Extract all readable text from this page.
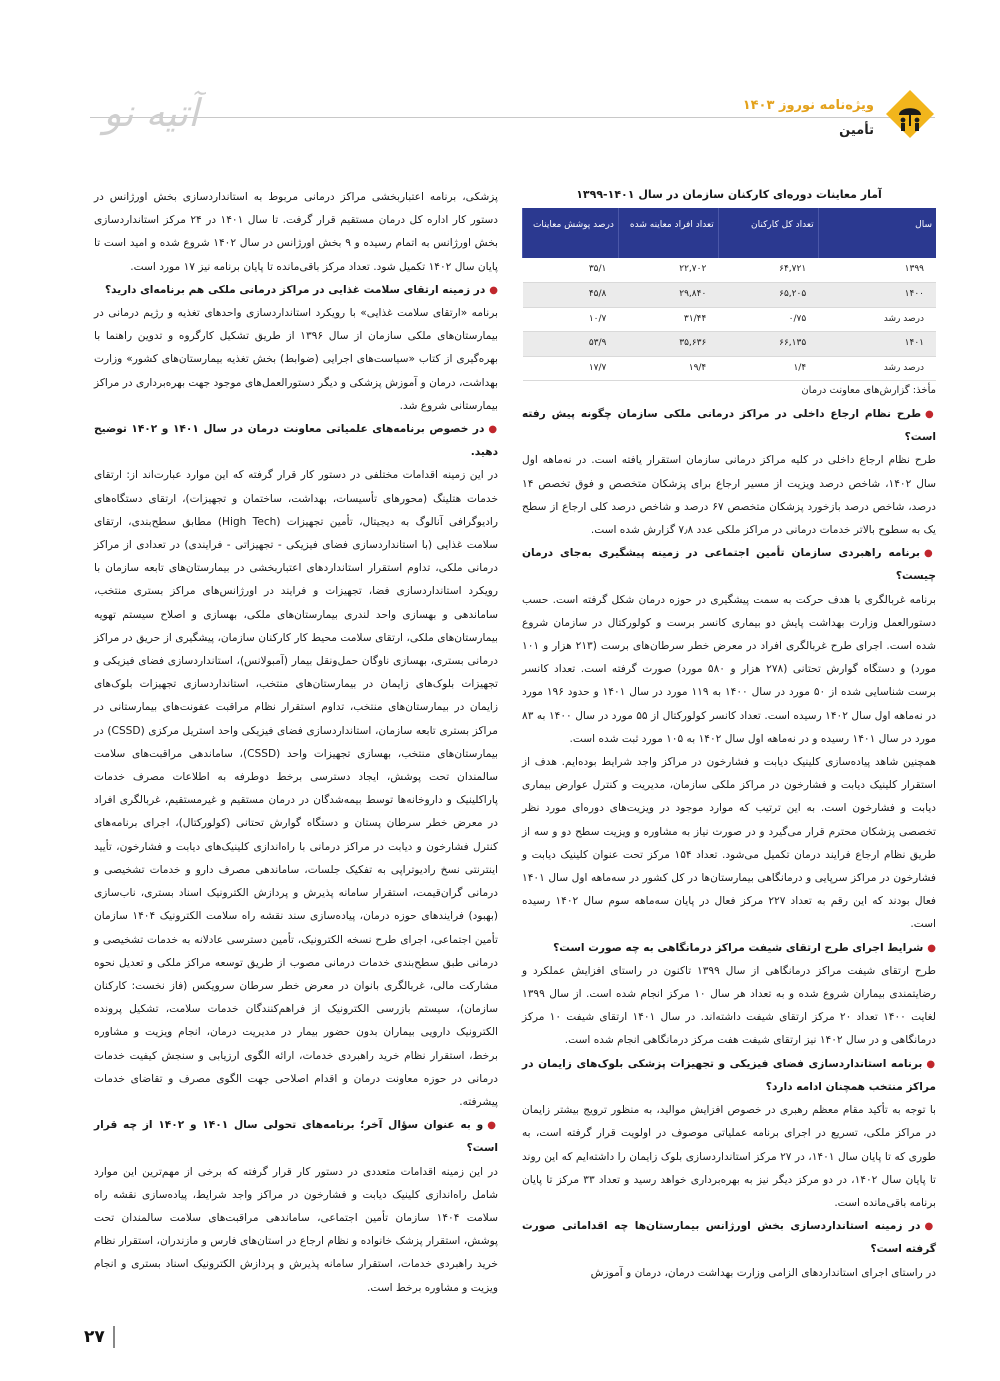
ویژه‌نامه نوروز ۱۴۰۳
تأمین
آتیه نو
آمار معاینات دوره‌ای کارکنان سازمان در سال ۱۴۰۱-۱۳۹۹
سال	تعداد کل کارکنان	تعداد افراد معاینه شده	درصد پوشش معاینات
۱۳۹۹	۶۴,۷۲۱	۲۲,۷۰۲	۳۵/۱
۱۴۰۰	۶۵,۲۰۵	۲۹,۸۴۰	۴۵/۸
درصد رشد	۰/۷۵	۳۱/۴۴	۱۰/۷
۱۴۰۱	۶۶,۱۳۵	۳۵,۶۳۶	۵۳/۹
درصد رشد	۱/۴	۱۹/۴	۱۷/۷
مأخذ: گزارش‌های معاونت درمان

●طرح نظام ارجاع داخلی در مراکز درمانی ملکی سازمان چگونه پیش رفته است؟

طرح نظام ارجاع داخلی در کلیه مراکز درمانی سازمان استقرار یافته است. در نه‌ماهه اول سال ۱۴۰۲، شاخص درصد ویزیت از مسیر ارجاع برای پزشکان متخصص و فوق تخصص ۱۴ درصد، شاخص درصد بازخورد پزشکان متخصص ۶۷ درصد و شاخص درصد کلی ارجاع از سطح یک به سطوح بالاتر خدمات درمانی در مراکز ملکی عدد ۷٫۸ گزارش شده است.

●برنامه راهبردی سازمان تأمین اجتماعی در زمینه پیشگیری به‌جای درمان چیست؟

برنامه غربالگری با هدف حرکت به سمت پیشگیری در حوزه درمان شکل گرفته است. حسب دستورالعمل وزارت بهداشت پایش دو بیماری کانسر برست و کولورکتال در سازمان شروع شده است. اجرای طرح غربالگری افراد در معرض خطر سرطان‌های برست (۲۱۳ هزار و ۱۰۱ مورد) و دستگاه گوارش تحتانی (۲۷۸ هزار و ۵۸۰ مورد) صورت گرفته است. تعداد کانسر برست شناسایی شده از ۵۰ مورد در سال ۱۴۰۰ به ۱۱۹ مورد در سال ۱۴۰۱ و حدود ۱۹۶ مورد در نه‌ماهه اول سال ۱۴۰۲ رسیده است. تعداد کانسر کولورکتال از ۵۵ مورد در سال ۱۴۰۰ به ۸۳ مورد در سال ۱۴۰۱ رسیده و در نه‌ماهه اول سال ۱۴۰۲ به ۱۰۵ مورد ثبت شده است.

همچنین شاهد پیاده‌سازی کلینیک دیابت و فشارخون در مراکز واجد شرایط بوده‌ایم. هدف از استقرار کلینیک دیابت و فشارخون در مراکز ملکی سازمان، مدیریت و کنترل عوارض بیماری دیابت و فشارخون است. به این ترتیب که موارد موجود در ویزیت‌های دوره‌ای مورد نظر تخصصی پزشکان محترم قرار می‌گیرد و در صورت نیاز به مشاوره و ویزیت سطح دو و سه از طریق نظام ارجاع فرایند درمان تکمیل می‌شود. تعداد ۱۵۴ مرکز تحت عنوان کلینیک دیابت و فشارخون در مراکز سرپایی و درمانگاهی بیمارستان‌ها در کل کشور در سه‌ماهه اول سال ۱۴۰۱ فعال بودند که این رقم به تعداد ۲۲۷ مرکز فعال در پایان سه‌ماهه سوم سال ۱۴۰۲ رسیده است.

●شرایط اجرای طرح ارتقای شیفت مراکز درمانگاهی به چه صورت است؟

طرح ارتقای شیفت مراکز درمانگاهی از سال ۱۳۹۹ تاکنون در راستای افزایش عملکرد و رضایتمندی بیماران شروع شده و به تعداد هر سال ۱۰ مرکز انجام شده است. از سال ۱۳۹۹ لغایت ۱۴۰۰ تعداد ۲۰ مرکز ارتقای شیفت داشته‌اند. در سال ۱۴۰۱ ارتقای شیفت ۱۰ مرکز درمانگاهی و در سال ۱۴۰۲ نیز ارتقای شیفت هفت مرکز درمانگاهی انجام شده است.

●برنامه استانداردسازی فضای فیزیکی و تجهیزات پزشکی بلوک‌های زایمان در مراکز منتخب همچنان ادامه دارد؟

با توجه به تأکید مقام معظم رهبری در خصوص افزایش موالید، به منظور ترویج بیشتر زایمان در مراکز ملکی، تسریع در اجرای برنامه عملیاتی موصوف در اولویت قرار گرفته است، به طوری که تا پایان سال ۱۴۰۱، در ۲۷ مرکز استانداردسازی بلوک زایمان را داشته‌ایم که این روند تا پایان سال ۱۴۰۲، در دو مرکز دیگر نیز به بهره‌برداری خواهد رسید و تعداد ۳۳ مرکز تا پایان برنامه باقی‌مانده است.

●در زمینه استانداردسازی بخش اورژانس بیمارستان‌ها چه اقداماتی صورت گرفته است؟

در راستای اجرای استانداردهای الزامی وزارت بهداشت درمان، درمان و آموزش

پزشکی، برنامه اعتباربخشی مراکز درمانی مربوط به استانداردسازی بخش اورژانس در دستور کار اداره کل درمان مستقیم قرار گرفت. تا سال ۱۴۰۱ در ۲۴ مرکز استانداردسازی بخش اورژانس به اتمام رسیده و ۹ بخش اورژانس در سال ۱۴۰۲ شروع شده و امید است تا پایان سال ۱۴۰۲ تکمیل شود. تعداد مرکز باقی‌مانده تا پایان برنامه نیز ۱۷ مورد است.

●در زمینه ارتقای سلامت غذایی در مراکز درمانی ملکی هم برنامه‌ای دارید؟

برنامه «ارتقای سلامت غذایی» با رویکرد استانداردسازی واحدهای تغذیه و رژیم درمانی در بیمارستان‌های ملکی سازمان از سال ۱۳۹۶ از طریق تشکیل کارگروه و تدوین راهنما با بهره‌گیری از کتاب «سیاست‌های اجرایی (ضوابط) بخش تغذیه بیمارستان‌های کشور» وزارت بهداشت، درمان و آموزش پزشکی و دیگر دستورالعمل‌های موجود جهت بهره‌برداری در مراکز بیمارستانی شروع شد.

●در خصوص برنامه‌های علمیاتی معاونت درمان در سال ۱۴۰۱ و ۱۴۰۲ توضیح دهید.

در این زمینه اقدامات مختلفی در دستور کار قرار گرفته که این موارد عبارت‌اند از: ارتقای خدمات هتلینگ (محورهای تأسیسات، بهداشت، ساختمان و تجهیزات)، ارتقای دستگاه‌های رادیوگرافی آنالوگ به دیجیتال، تأمین تجهیزات (High Tech) مطابق سطح‌بندی، ارتقای سلامت غذایی (با استانداردسازی فضای فیزیکی - تجهیزاتی - فرایندی) در تعدادی از مراکز درمانی ملکی، تداوم استقرار استانداردهای اعتباربخشی در بیمارستان‌های تابعه سازمان با رویکرد استانداردسازی فضا، تجهیزات و فرایند در اورژانس‌های مراکز بستری منتخب، ساماندهی و بهسازی واحد لندری بیمارستان‌های ملکی، بهسازی و اصلاح سیستم تهویه بیمارستان‌های ملکی، ارتقای سلامت محیط کار کارکنان سازمان، پیشگیری از حریق در مراکز درمانی بستری، بهسازی ناوگان حمل‌ونقل بیمار (آمبولانس)، استانداردسازی فضای فیزیکی و تجهیزات بلوک‌های زایمان در بیمارستان‌های منتخب، استانداردسازی تجهیزات بلوک‌های زایمان در بیمارستان‌های منتخب، تداوم استقرار نظام مراقبت عفونت‌های بیمارستانی در مراکز بستری تابعه سازمان، استانداردسازی فضای فیزیکی واحد استریل مرکزی (CSSD) در بیمارستان‌های منتخب، بهسازی تجهیزات واحد (CSSD)، ساماندهی مراقبت‌های سلامت سالمندان تحت پوشش، ایجاد دسترسی برخط دوطرفه به اطلاعات مصرف خدمات پاراکلینیک و داروخانه‌ها توسط بیمه‌شدگان در درمان مستقیم و غیرمستقیم، غربالگری افراد در معرض خطر سرطان پستان و دستگاه گوارش تحتانی (کولورکتال)، اجرای برنامه‌های کنترل فشارخون و دیابت در مراکز درمانی با راه‌اندازی کلینیک‌های دیابت و فشارخون، تأیید اینترنتی نسخ رادیوتراپی به تفکیک جلسات، ساماندهی مصرف دارو و خدمات تشخیصی و درمانی گران‌قیمت، استقرار سامانه پذیرش و پردازش الکترونیک اسناد بستری، ناب‌سازی (بهبود) فرایندهای حوزه درمان، پیاده‌سازی سند نقشه راه سلامت الکترونیک ۱۴۰۴ سازمان تأمین اجتماعی، اجرای طرح نسخه الکترونیک، تأمین دسترسی عادلانه به خدمات تشخیصی و درمانی طبق سطح‌بندی خدمات درمانی مصوب از طریق توسعه مراکز ملکی و تعدیل نحوه مشارکت مالی، غربالگری بانوان در معرض خطر سرطان سرویکس (فاز نخست: کارکنان سازمان)، سیستم بازرسی الکترونیک از فراهم‌کنندگان خدمات سلامت، تشکیل پرونده الکترونیک دارویی بیماران بدون حضور بیمار در مدیریت درمان، انجام ویزیت و مشاوره برخط، استقرار نظام خرید راهبردی خدمات، ارائه الگوی ارزیابی و سنجش کیفیت خدمات درمانی در حوزه معاونت درمان و اقدام اصلاحی جهت الگوی مصرف و تقاضای خدمات پیشرفته.

●و به عنوان سؤال آخر؛ برنامه‌های تحولی سال ۱۴۰۱ و ۱۴۰۲ از چه قرار است؟

در این زمینه اقدامات متعددی در دستور کار قرار گرفته که برخی از مهم‌ترین این موارد شامل راه‌اندازی کلینیک دیابت و فشارخون در مراکز واجد شرایط، پیاده‌سازی نقشه راه سلامت ۱۴۰۴ سازمان تأمین اجتماعی، ساماندهی مراقبت‌های سلامت سالمندان تحت پوشش، استقرار پزشک خانواده و نظام ارجاع در استان‌های فارس و مازندران، استقرار نظام خرید راهبردی خدمات، استقرار سامانه پذیرش و پردازش الکترونیک اسناد بستری و انجام ویزیت و مشاوره برخط است.

۲۷
